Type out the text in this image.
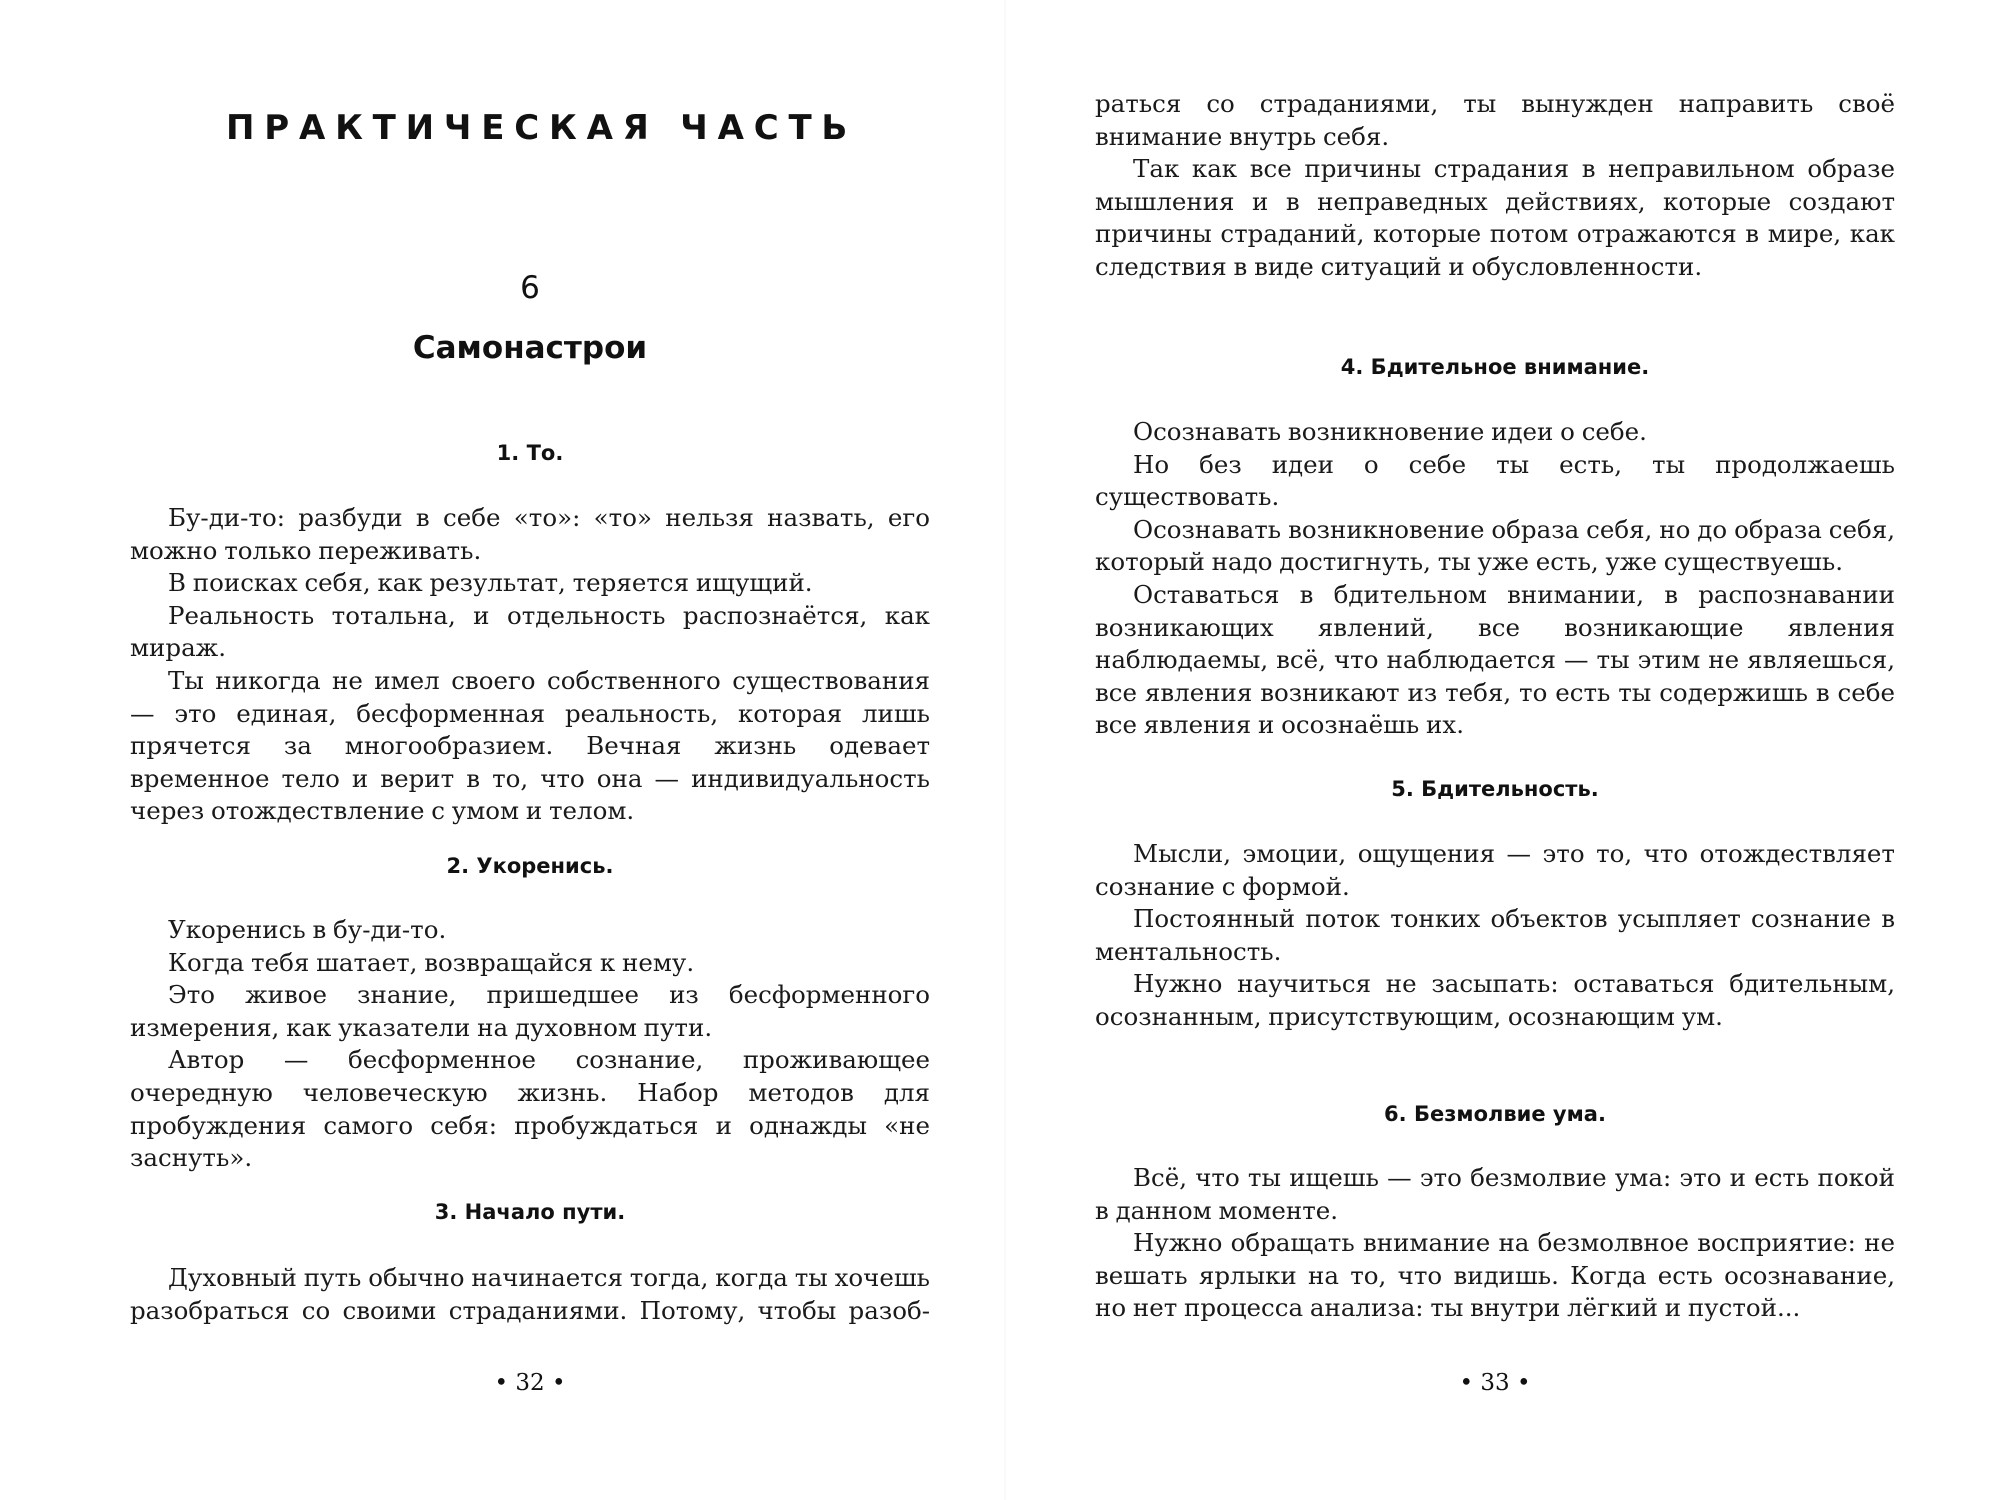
ПРАКТИЧЕСКАЯ ЧАСТЬ
6
Самонастрои
1. То.

Бу-ди-то: разбуди в себе «то»: «то» нельзя назвать, его можно только переживать.

В поисках себя, как результат, теряется ищущий.

Реальность тотальна, и отдельность распознаётся, как мираж.

Ты никогда не имел своего собственного существования — это единая, бесформенная реальность, которая лишь прячется за многообразием. Вечная жизнь одевает временное тело и верит в то, что она — индивидуальность через отождествление с умом и телом.

2. Укоренись.

Укоренись в бу-ди-то.

Когда тебя шатает, возвращайся к нему.

Это живое знание, пришедшее из бесформенного измерения, как указатели на духовном пути.

Автор — бесформенное сознание, проживающее очередную человеческую жизнь. Набор методов для пробуждения самого себя: пробуждаться и однажды «не заснуть».

3. Начало пути.

Духовный путь обычно начинается тогда, когда ты хочешь разобраться со своими страданиями. Потому, чтобы разоб-

• 32 •

раться со страданиями, ты вынужден направить своё внимание внутрь себя.

Так как все причины страдания в неправильном образе мышления и в неправедных действиях, которые создают причины страданий, которые потом отражаются в мире, как следствия в виде ситуаций и обусловленности.

4. Бдительное внимание.

Осознавать возникновение идеи о себе.

Но без идеи о себе ты есть, ты продолжаешь существовать.

Осознавать возникновение образа себя, но до образа себя, который надо достигнуть, ты уже есть, уже существуешь.

Оставаться в бдительном внимании, в распознавании возникающих явлений, все возникающие явления наблюдаемы, всё, что наблюдается — ты этим не являешься, все явления возникают из тебя, то есть ты содержишь в себе все явления и осознаёшь их.

5. Бдительность.

Мысли, эмоции, ощущения — это то, что отождествляет сознание с формой.

Постоянный поток тонких объектов усыпляет сознание в ментальность.

Нужно научиться не засыпать: оставаться бдительным, осознанным, присутствующим, осознающим ум.

6. Безмолвие ума.

Всё, что ты ищешь — это безмолвие ума: это и есть покой в данном моменте.

Нужно обращать внимание на безмолвное восприятие: не вешать ярлыки на то, что видишь. Когда есть осознавание, но нет процесса анализа: ты внутри лёгкий и пустой...

• 33 •
